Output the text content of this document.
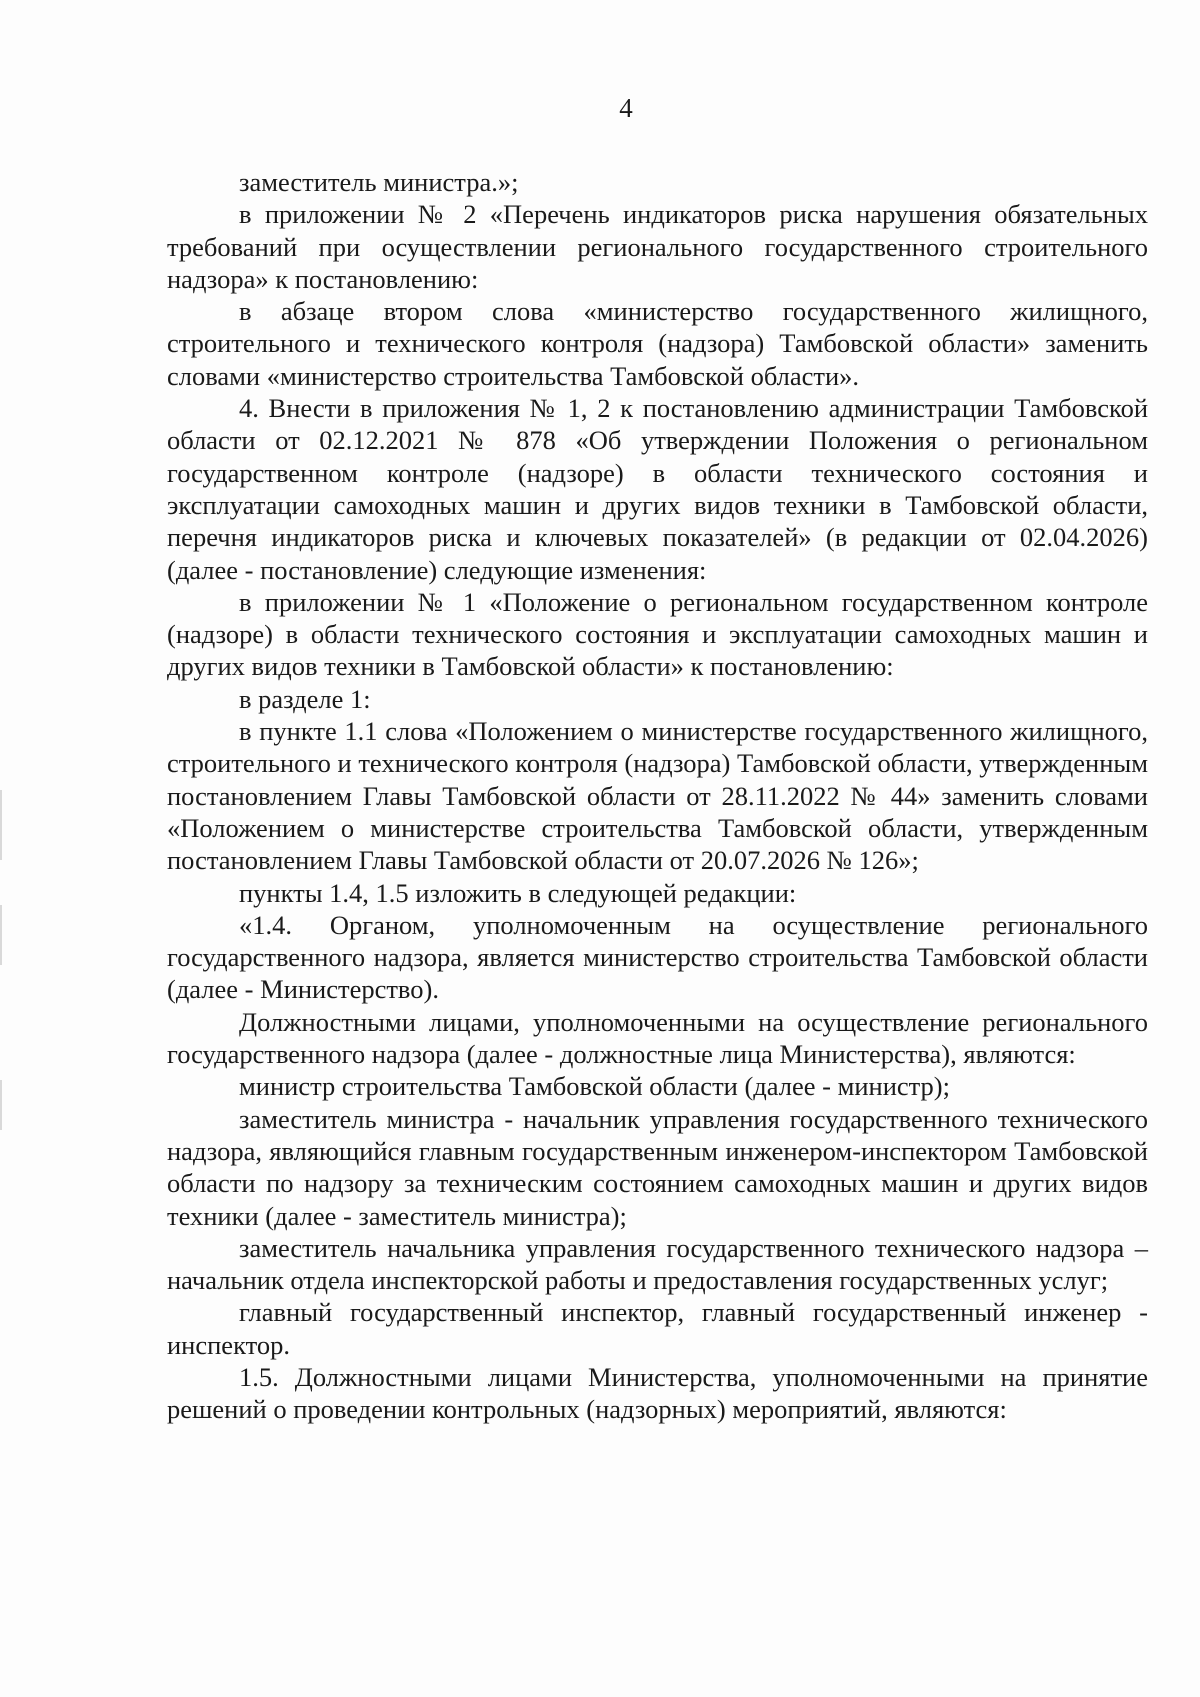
4

заместитель министра.»;

в приложении № 2 «Перечень индикаторов риска нарушения обязательных требований при осуществлении регионального государственного строительного надзора» к постановлению:

в абзаце втором слова «министерство государственного жилищного, строительного и технического контроля (надзора) Тамбовской области» заменить словами «министерство строительства Тамбовской области».

4. Внести в приложения № 1, 2 к постановлению администрации Тамбовской области от 02.12.2021 № 878 «Об утверждении Положения о региональном государственном контроле (надзоре) в области технического состояния и эксплуатации самоходных машин и других видов техники в Тамбовской области, перечня индикаторов риска и ключевых показателей» (в редакции от 02.04.2026) (далее - постановление) следующие изменения:

в приложении № 1 «Положение о региональном государственном контроле (надзоре) в области технического состояния и эксплуатации самоходных машин и других видов техники в Тамбовской области» к постановлению:

в разделе 1:

в пункте 1.1 слова «Положением о министерстве государственного жилищного, строительного и технического контроля (надзора) Тамбовской области, утвержденным постановлением Главы Тамбовской области от 28.11.2022 № 44» заменить словами «Положением о министерстве строительства Тамбовской области, утвержденным постановлением Главы Тамбовской области от 20.07.2026 № 126»;

пункты 1.4, 1.5 изложить в следующей редакции:

«1.4. Органом, уполномоченным на осуществление регионального государственного надзора, является министерство строительства Тамбовской области (далее - Министерство).

Должностными лицами, уполномоченными на осуществление регионального государственного надзора (далее - должностные лица Министерства), являются:

министр строительства Тамбовской области (далее - министр);

заместитель министра - начальник управления государственного технического надзора, являющийся главным государственным инженером-инспектором Тамбовской области по надзору за техническим состоянием самоходных машин и других видов техники (далее - заместитель министра);

заместитель начальника управления государственного технического надзора – начальник отдела инспекторской работы и предоставления государственных услуг;

главный государственный инспектор, главный государственный инженер - инспектор.

1.5. Должностными лицами Министерства, уполномоченными на принятие решений о проведении контрольных (надзорных) мероприятий, являются:
